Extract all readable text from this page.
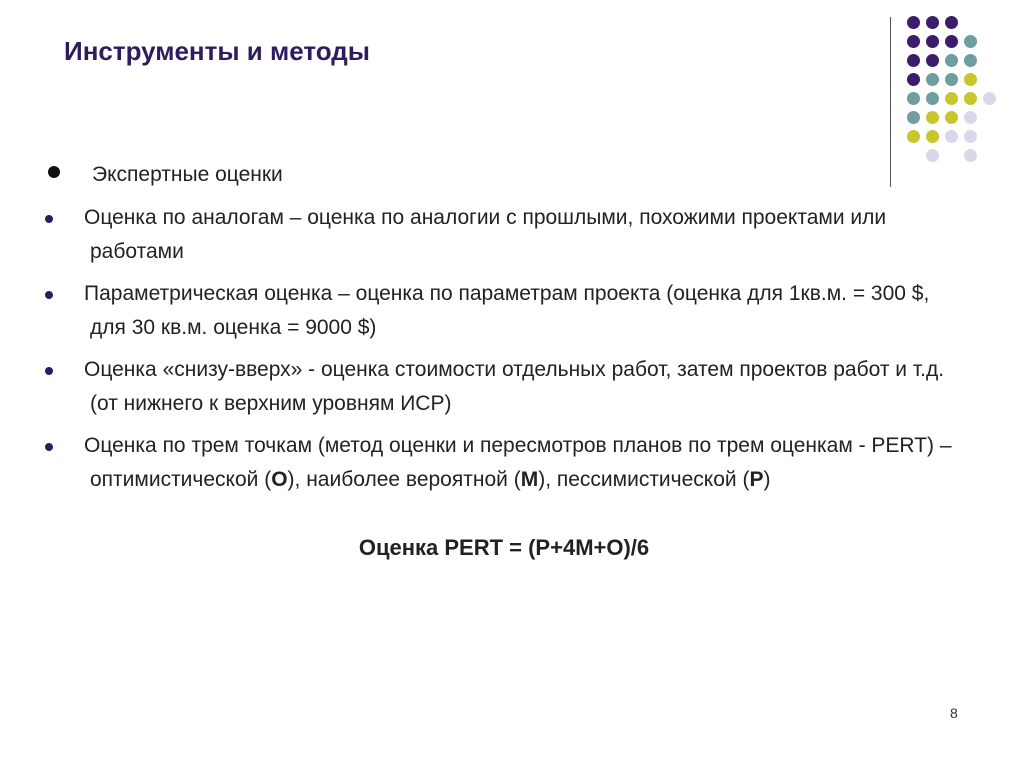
Инструменты и методы
Экспертные оценки
Оценка по аналогам – оценка по аналогии с прошлыми, похожими проектами или работами
Параметрическая оценка – оценка по параметрам проекта (оценка для 1кв.м. = 300 $, для 30 кв.м. оценка = 9000 $)
Оценка «снизу-вверх» - оценка стоимости отдельных работ, затем проектов работ и т.д. (от нижнего к верхним уровням ИСР)
Оценка по трем точкам (метод оценки и пересмотров планов по трем оценкам - PERT) – оптимистической (О), наиболее вероятной (М), пессимистической (Р)
Оценка PERT = (P+4M+O)/6
8
